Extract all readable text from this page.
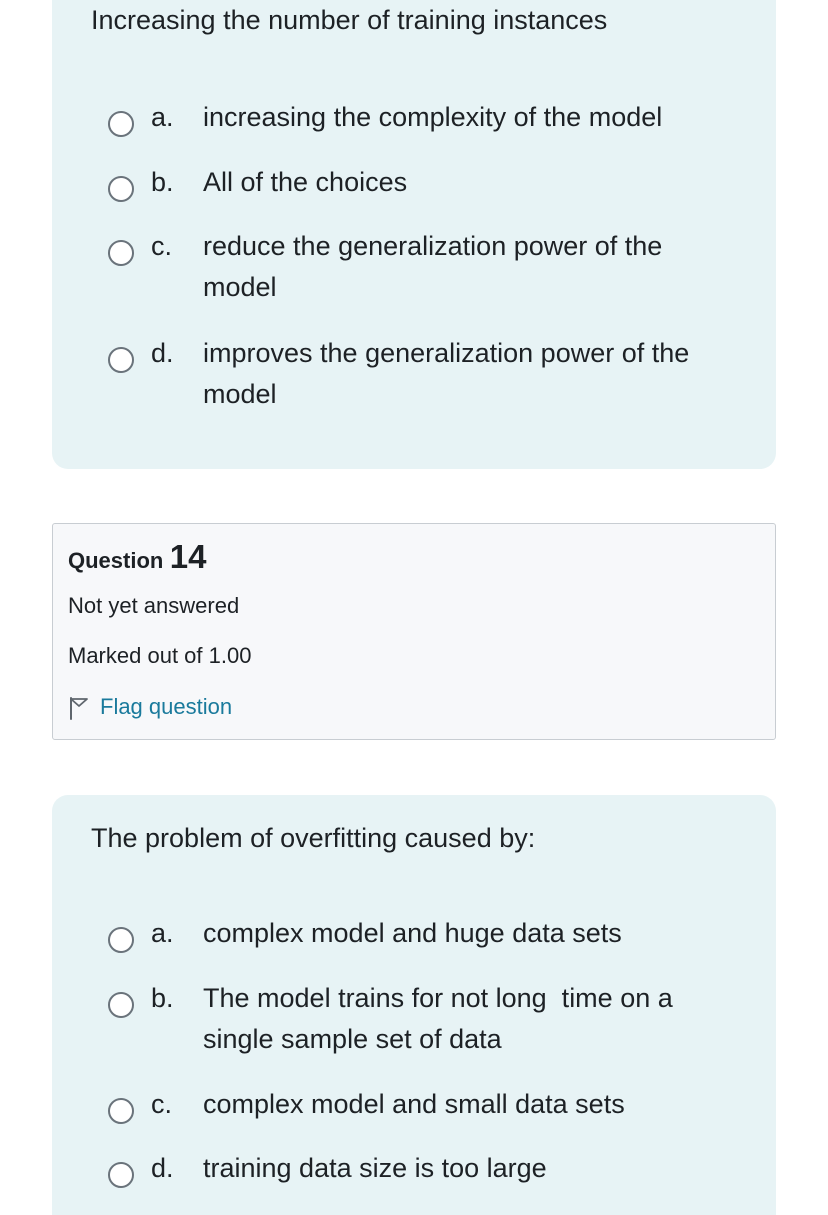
Increasing the number of training instances
a. increasing the complexity of the model
b. All of the choices
c. reduce the generalization power of the model
d. improves the generalization power of the model
Question 14
Not yet answered
Marked out of 1.00
Flag question
The problem of overfitting caused by:
a. complex model and huge data sets
b. The model trains for not long  time on a single sample set of data
c. complex model and small data sets
d. training data size is too large
